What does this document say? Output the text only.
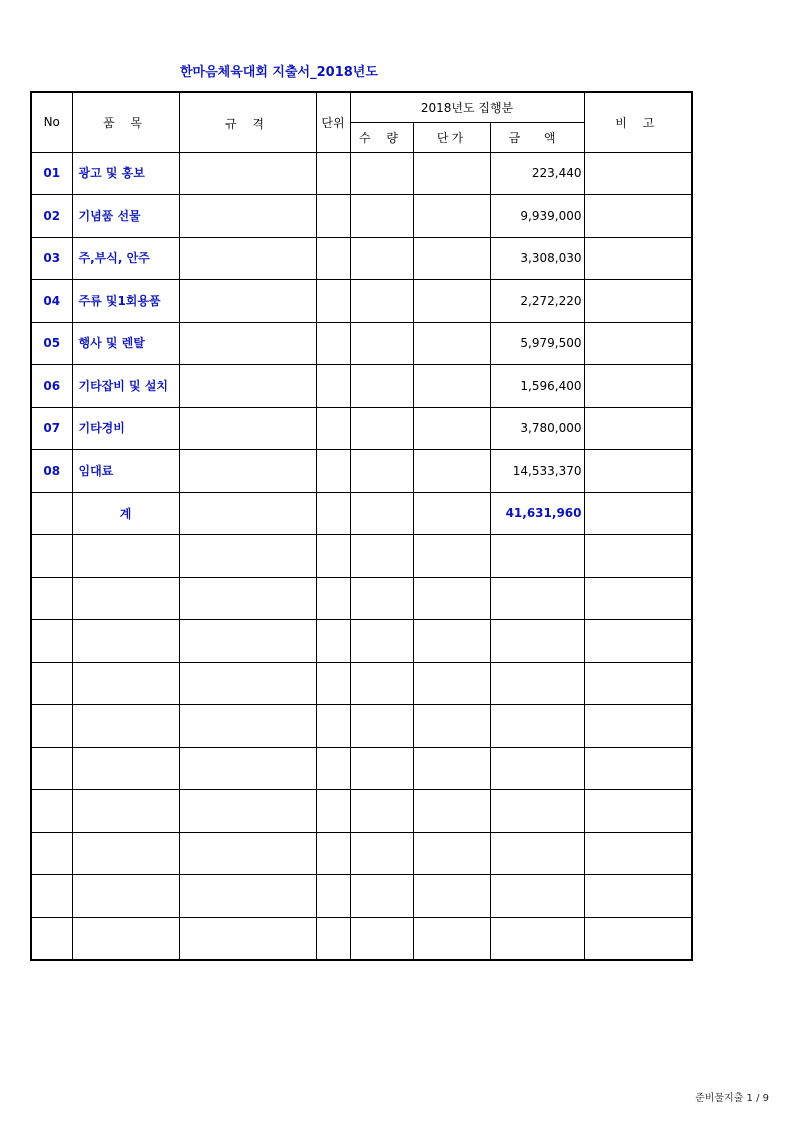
한마음체육대회 지출서_2018년도
No	품 목	규 격	단위	2018년도 집행분			비 고
				수 량	단가	금 액	
01	광고 및 홍보					223,440	
02	기념품 선물					9,939,000	
03	주,부식, 안주					3,308,030	
04	주류 및1회용품					2,272,220	
05	행사 및 렌탈					5,979,500	
06	기타잡비 및 설치					1,596,400	
07	기타경비					3,780,000	
08	임대료					14,533,370	
	계					41,631,960	

준비물지출 1 / 9
